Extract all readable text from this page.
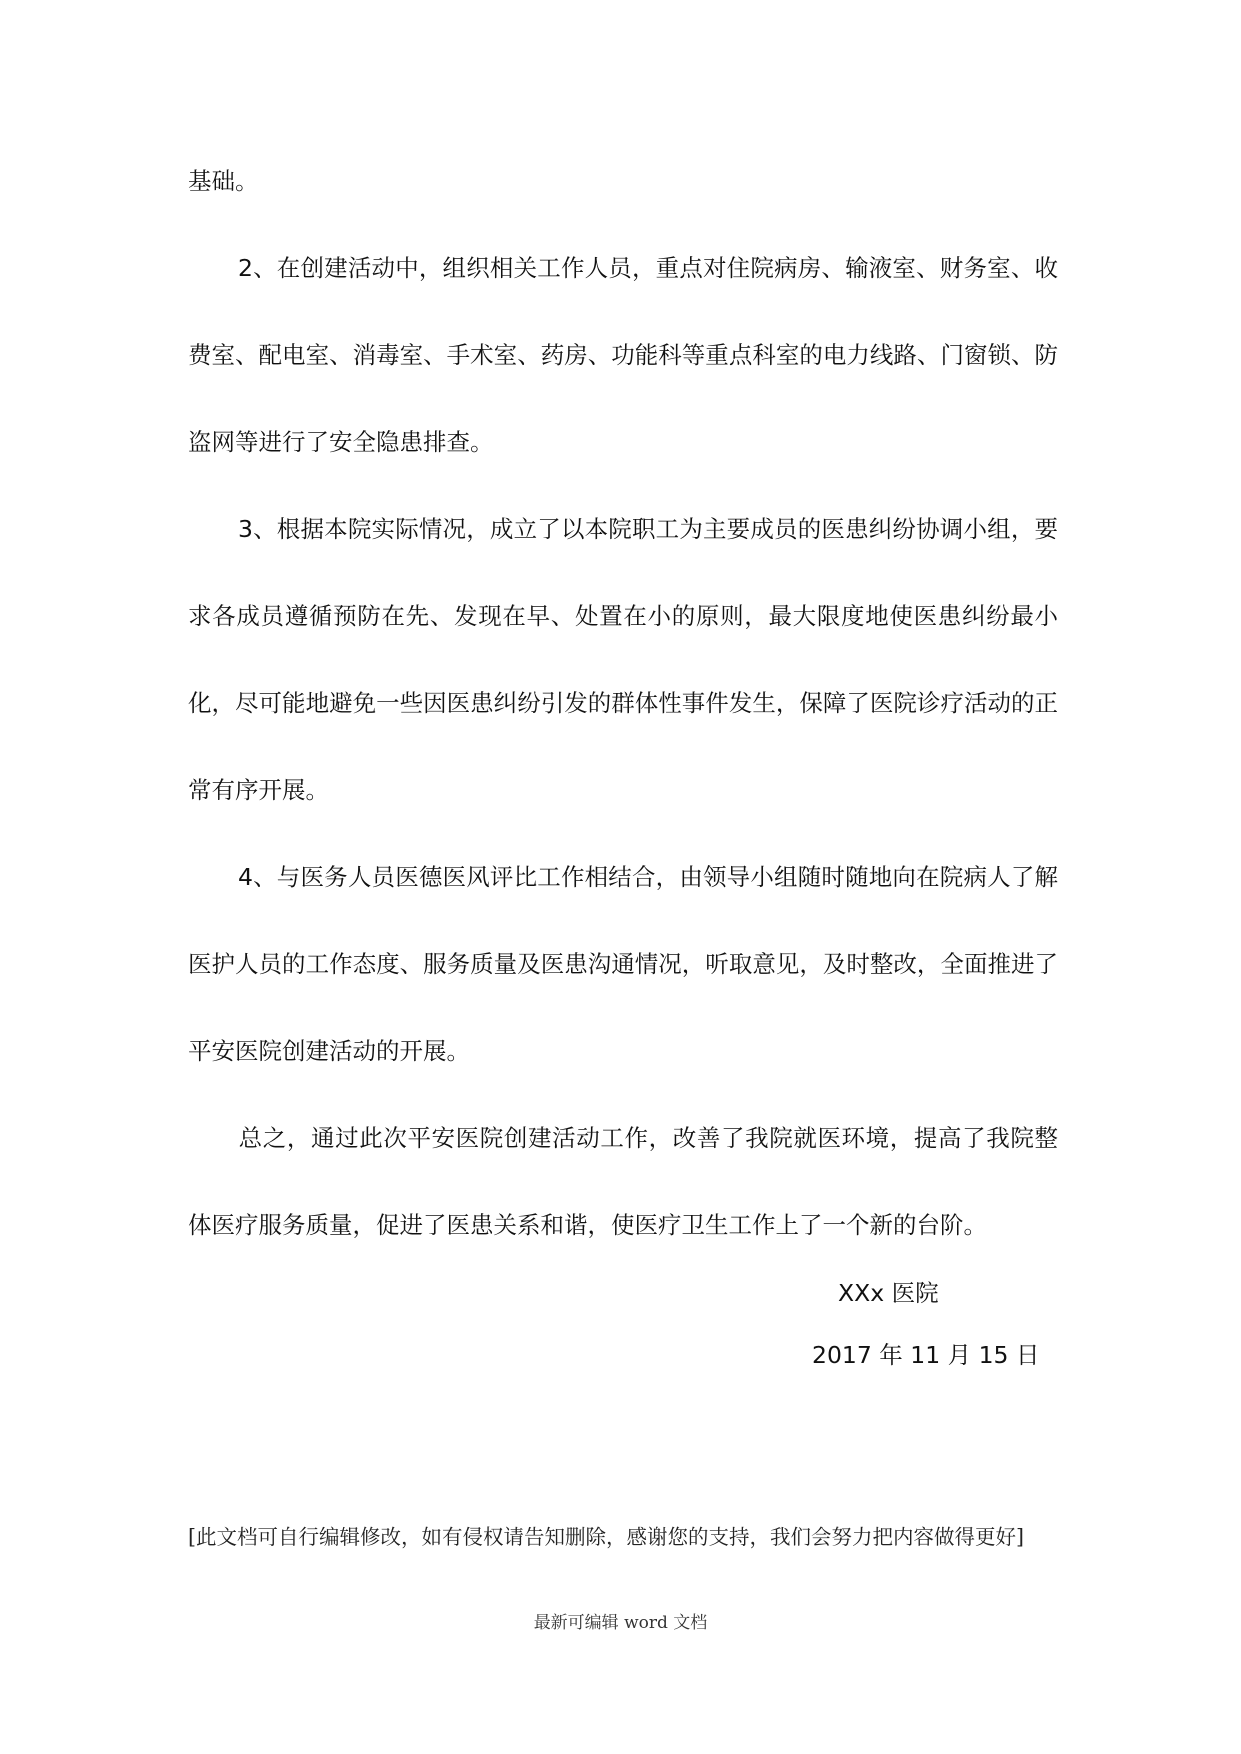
基础。

2、在创建活动中，组织相关工作人员，重点对住院病房、输液室、财务室、收费室、配电室、消毒室、手术室、药房、功能科等重点科室的电力线路、门窗锁、防盗网等进行了安全隐患排查。

3、根据本院实际情况，成立了以本院职工为主要成员的医患纠纷协调小组，要求各成员遵循预防在先、发现在早、处置在小的原则，最大限度地使医患纠纷最小化，尽可能地避免一些因医患纠纷引发的群体性事件发生，保障了医院诊疗活动的正常有序开展。

4、与医务人员医德医风评比工作相结合，由领导小组随时随地向在院病人了解医护人员的工作态度、服务质量及医患沟通情况，听取意见，及时整改，全面推进了平安医院创建活动的开展。

总之，通过此次平安医院创建活动工作，改善了我院就医环境，提高了我院整体医疗服务质量，促进了医患关系和谐，使医疗卫生工作上了一个新的台阶。

XXx 医院
2017 年 11 月 15 日
[此文档可自行编辑修改，如有侵权请告知删除，感谢您的支持，我们会努力把内容做得更好]
最新可编辑 word 文档
